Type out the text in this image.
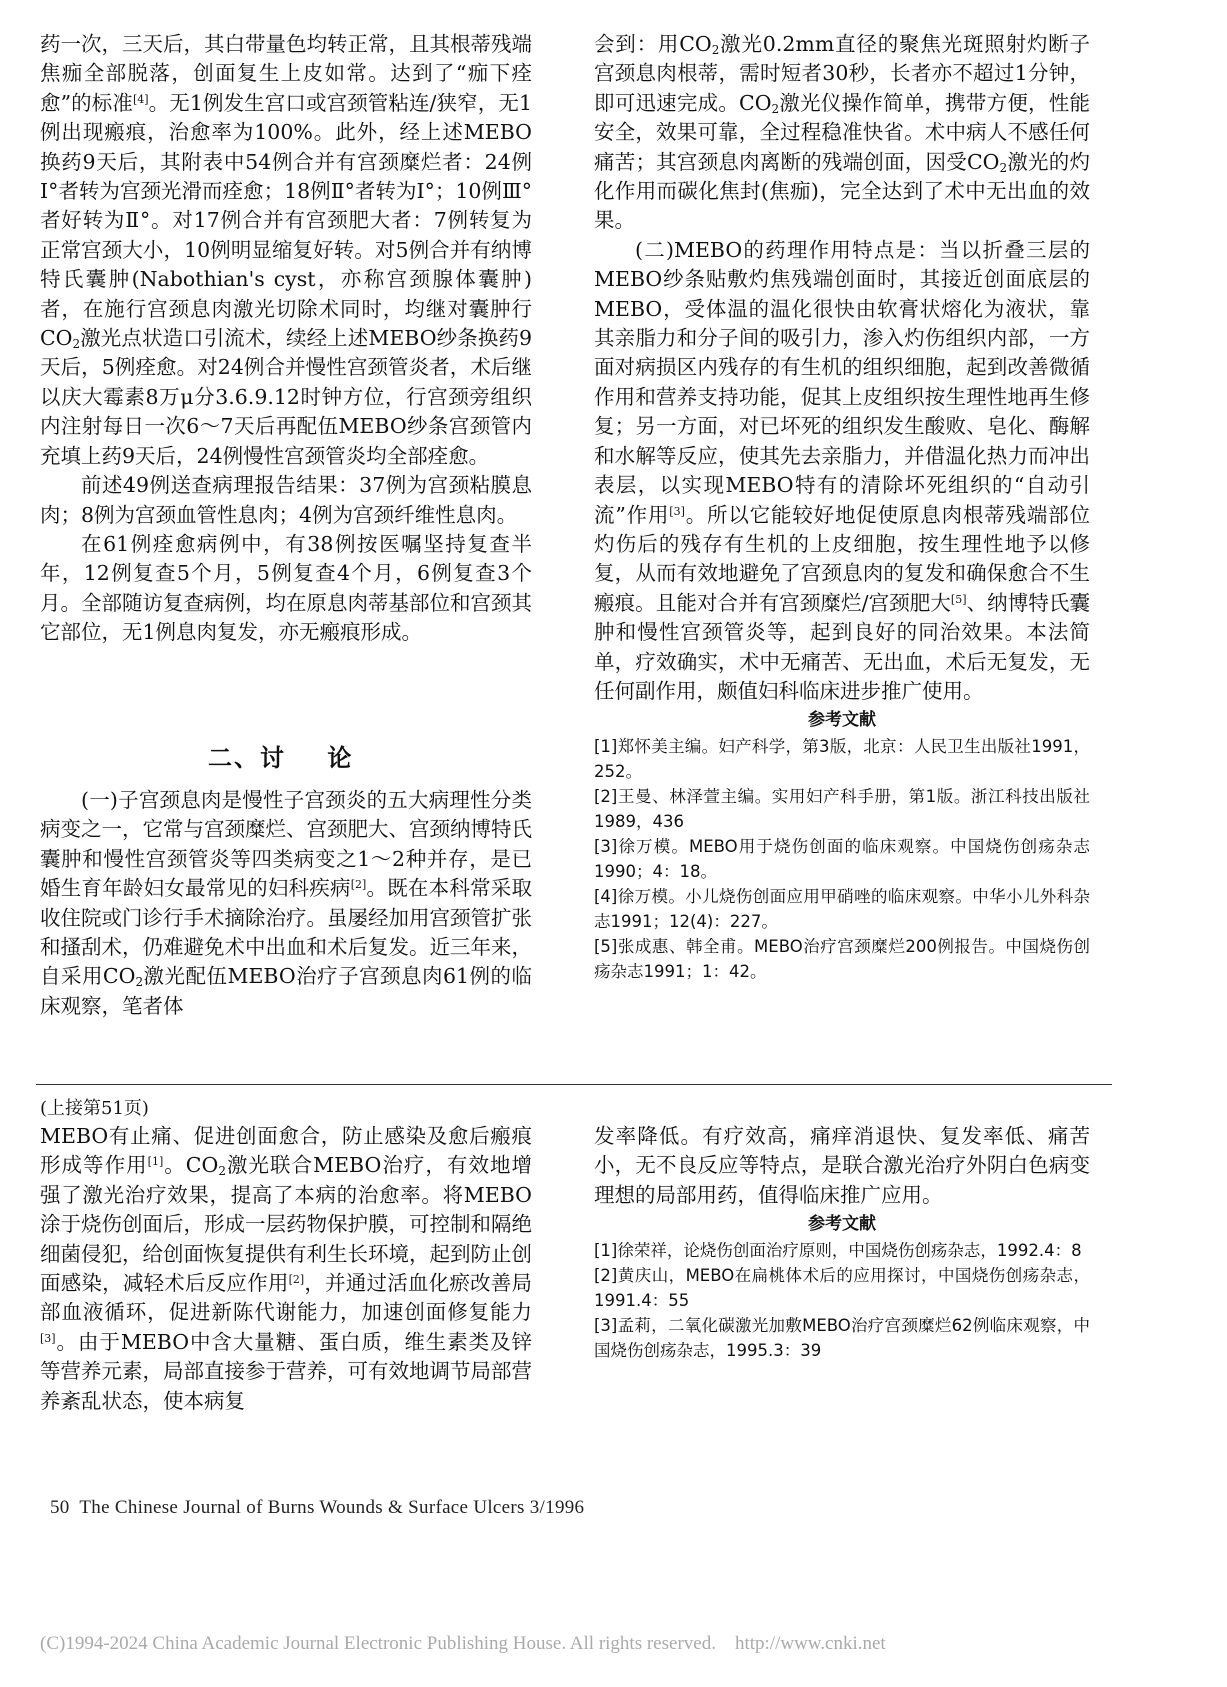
药一次，三天后，其白带量色均转正常，且其根蒂残端焦痂全部脱落，创面复生上皮如常。达到了“痂下痊愈”的标准[4]。无1例发生宫口或宫颈管粘连/狭窄，无1例出现瘢痕，治愈率为100%。此外，经上述MEBO换药9天后，其附表中54例合并有宫颈糜烂者：24例Ⅰ°者转为宫颈光滑而痊愈；18例Ⅱ°者转为Ⅰ°；10例Ⅲ°者好转为Ⅱ°。对17例合并有宫颈肥大者：7例转复为正常宫颈大小，10例明显缩复好转。对5例合并有纳博特氏囊肿(Nabothian's cyst，亦称宫颈腺体囊肿)者，在施行宫颈息肉激光切除术同时，均继对囊肿行$CO_2$激光点状造口引流术，续经上述MEBO纱条换药9天后，5例痊愈。对24例合并慢性宫颈管炎者，术后继以庆大霉素8万μ分3.6.9.12时钟方位，行宫颈旁组织内注射每日一次6～7天后再配伍MEBO纱条宫颈管内充填上药9天后，24例慢性宫颈管炎均全部痊愈。

前述49例送查病理报告结果：37例为宫颈粘膜息肉；8例为宫颈血管性息肉；4例为宫颈纤维性息肉。

在61例痊愈病例中，有38例按医嘱坚持复查半年，12例复查5个月，5例复查4个月，6例复查3个月。全部随访复查病例，均在原息肉蒂基部位和宫颈其它部位，无1例息肉复发，亦无瘢痕形成。

二、讨    论

(一)子宫颈息肉是慢性子宫颈炎的五大病理性分类病变之一，它常与宫颈糜烂、宫颈肥大、宫颈纳博特氏囊肿和慢性宫颈管炎等四类病变之1～2种并存，是已婚生育年龄妇女最常见的妇科疾病[2]。既在本科常采取收住院或门诊行手术摘除治疗。虽屡经加用宫颈管扩张和搔刮术，仍难避免术中出血和术后复发。近三年来，自采用$CO_2$激光配伍MEBO治疗子宫颈息肉61例的临床观察，笔者体

会到：用$CO_2$激光0.2mm直径的聚焦光斑照射灼断子宫颈息肉根蒂，需时短者30秒，长者亦不超过1分钟，即可迅速完成。$CO_2$激光仪操作简单，携带方便，性能安全，效果可靠，全过程稳准快省。术中病人不感任何痛苦；其宫颈息肉离断的残端创面，因受$CO_2$激光的灼化作用而碳化焦封(焦痂)，完全达到了术中无出血的效果。

(二)MEBO的药理作用特点是：当以折叠三层的MEBO纱条贴敷灼焦残端创面时，其接近创面底层的MEBO，受体温的温化很快由软膏状熔化为液状，靠其亲脂力和分子间的吸引力，渗入灼伤组织内部，一方面对病损区内残存的有生机的组织细胞，起到改善微循作用和营养支持功能，促其上皮组织按生理性地再生修复；另一方面，对已坏死的组织发生酸败、皂化、酶解和水解等反应，使其先去亲脂力，并借温化热力而冲出表层，以实现MEBO特有的清除坏死组织的“自动引流”作用[3]。所以它能较好地促使原息肉根蒂残端部位灼伤后的残存有生机的上皮细胞，按生理性地予以修复，从而有效地避免了宫颈息肉的复发和确保愈合不生瘢痕。且能对合并有宫颈糜烂/宫颈肥大[5]、纳博特氏囊肿和慢性宫颈管炎等，起到良好的同治效果。本法简单，疗效确实，术中无痛苦、无出血，术后无复发，无任何副作用，颇值妇科临床进步推广使用。

参考文献
[1]郑怀美主编。妇产科学，第3版，北京：人民卫生出版社1991，252。
[2]王曼、林泽萱主编。实用妇产科手册，第1版。浙江科技出版社1989，436
[3]徐万模。MEBO用于烧伤创面的临床观察。中国烧伤创疡杂志1990；4：18。
[4]徐万模。小儿烧伤创面应用甲硝唑的临床观察。中华小儿外科杂志1991；12(4)：227。
[5]张成惠、韩全甫。MEBO治疗宫颈糜烂200例报告。中国烧伤创疡杂志1991；1：42。
(上接第51页)

MEBO有止痛、促进创面愈合，防止感染及愈后瘢痕形成等作用[1]。$CO_2$激光联合MEBO治疗，有效地增强了激光治疗效果，提高了本病的治愈率。将MEBO涂于烧伤创面后，形成一层药物保护膜，可控制和隔绝细菌侵犯，给创面恢复提供有利生长环境，起到防止创面感染，减轻术后反应作用[2]，并通过活血化瘀改善局部血液循环，促进新陈代谢能力，加速创面修复能力[3]。由于MEBO中含大量糖、蛋白质，维生素类及锌等营养元素，局部直接参于营养，可有效地调节局部营养紊乱状态，使本病复

发率降低。有疗效高，痛痒消退快、复发率低、痛苦小，无不良反应等特点，是联合激光治疗外阴白色病变理想的局部用药，值得临床推广应用。

参考文献
[1]徐荣祥，论烧伤创面治疗原则，中国烧伤创疡杂志，1992.4：8
[2]黄庆山，MEBO在扁桃体术后的应用探讨，中国烧伤创疡杂志，1991.4：55
[3]孟莉，二氧化碳激光加敷MEBO治疗宫颈糜烂62例临床观察，中国烧伤创疡杂志，1995.3：39
50  The Chinese Journal of Burns Wounds & Surface Ulcers 3/1996
(C)1994-2024 China Academic Journal Electronic Publishing House. All rights reserved.    http://www.cnki.net
